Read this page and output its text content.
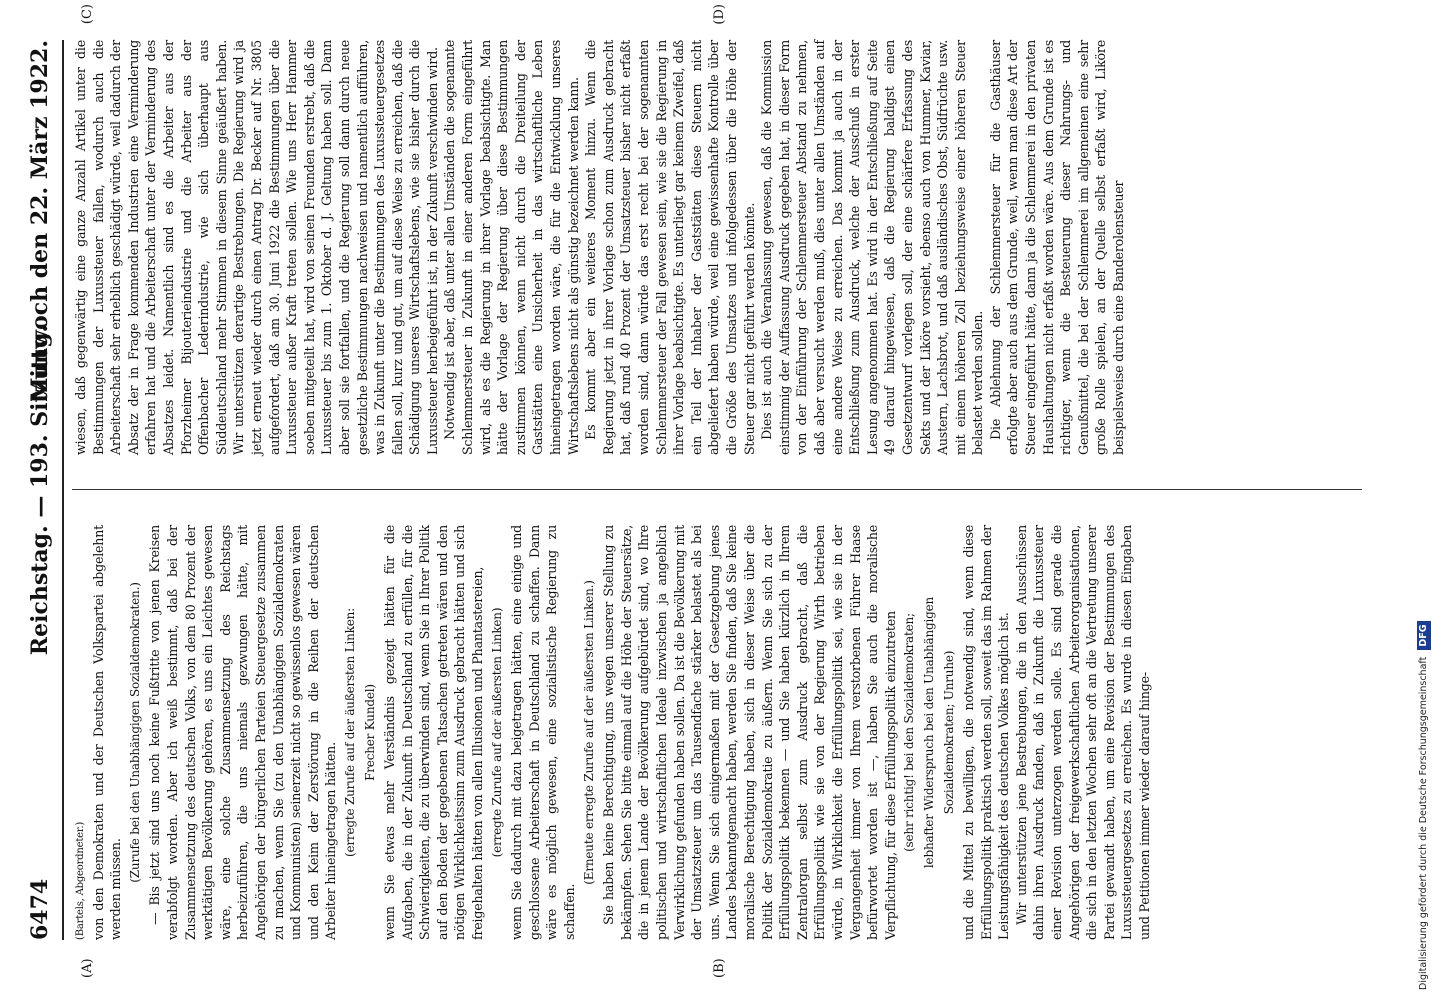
6474
Reichstag. — 193. Sitzung.
Mittwoch den 22. März 1922.
(A)	(B)
(C)	(D)

(Bartels, Abgeordneter.) von den Demokraten und der Deutschen Volkspartei abgelehnt werden müssen.

(Zurufe bei den Unabhängigen Sozialdemokraten.) — Bis jetzt sind uns noch keine Fußtritte von jenen Kreisen verabfolgt worden. Aber ich weiß bestimmt, daß bei der Zusammensetzung des deutschen Volks, von dem 80 Prozent der werktätigen Bevölkerung gehören, es uns ein Leichtes gewesen wäre, eine solche Zusammensetzung des Reichstags herbeizuführen, die uns niemals gezwungen hätte, mit Angehörigen der bürgerlichen Parteien Steuergesetze zusammen zu machen, wenn Sie (zu den Unabhängigen Sozialdemokraten und Kommunisten) seinerzeit nicht so gewissenlos gewesen wären und den Keim der Zerstörung in die Reihen der deutschen Arbeiter hineingetragen hätten. (erregte Zurufe auf der äußersten Linken: Frecher Kundel) wenn Sie etwas mehr Verständnis gezeigt hätten für die Aufgaben, die in der Zukunft in Deutschland zu erfüllen, für die Schwierigkeiten, die zu überwinden sind, wenn Sie in Ihrer Politik auf den Boden der gegebenen Tatsachen getreten wären und den nötigen Wirklichkeitssinn zum Ausdruck gebracht hätten und sich freigehalten hätten von allen Illusionen und Phantastereien, (erregte Zurufe auf der äußersten Linken) wenn Sie dadurch mit dazu beigetragen hätten, eine einige und geschlossene Arbeiterschaft in Deutschland zu schaffen. Dann wäre es möglich gewesen, eine sozialistische Regierung zu schaffen.

(Erneute erregte Zurufe auf der äußersten Linken.) Sie haben keine Berechtigung, uns wegen unserer Stellung zu bekämpfen. Sehen Sie bitte einmal auf die Höhe der Steuersätze, die in jenem Lande der Bevölkerung aufgebürdet sind, wo Ihre politischen und wirtschaftlichen Ideale inzwischen ja angeblich Verwirklichung gefunden haben sollen. Da ist die Bevölkerung mit der Umsatzsteuer um das Tausendfache stärker belastet als bei uns. Wenn Sie sich einigermaßen mit der Gesetzgebung jenes Landes bekanntgemacht haben, werden Sie finden, daß Sie keine moralische Berechtigung haben, sich in dieser Weise über die Politik der Sozialdemokratie zu äußern. Wenn Sie sich zu der Erfüllungspolitik bekennen — und Sie haben kürzlich in Ihrem Zentralorgan selbst zum Ausdruck gebracht, daß die Erfüllungspolitik wie sie von der Regierung Wirth betrieben würde, in Wirklichkeit die Erfüllungspolitik sei, wie sie in der Vergangenheit immer von Ihrem verstorbenen Führer Haase befürwortet worden ist —, haben Sie auch die moralische Verpflichtung, für diese Erfüllungspolitik einzutreten (sehr richtig! bei den Sozialdemokraten; lebhafter Widerspruch bei den Unabhängigen Sozialdemokraten; Unruhe) und die Mittel zu bewilligen, die notwendig sind, wenn diese Erfüllungspolitik praktisch werden soll, soweit das im Rahmen der Leistungsfähigkeit des deutschen Volkes möglich ist. Wir unterstützen jene Bestrebungen, die in den Ausschüssen dahin ihren Ausdruck fanden, daß in Zukunft die Luxussteuer einer Revision unterzogen werden solle. Es sind gerade die Angehörigen der freigewerkschaftlichen Arbeiterorganisationen, die sich in den letzten Wochen sehr oft an die Vertretung unserer Partei gewandt haben, um eine Revision der Bestimmungen des Luxussteuergesetzes zu erreichen. Es wurde in diesen Eingaben und Petitionen immer wieder darauf hinge-

wiesen, daß gegenwärtig eine ganze Anzahl Artikel unter die Bestimmungen der Luxussteuer fallen, wodurch auch die Arbeiterschaft sehr erheblich geschädigt würde, weil dadurch der Absatz der in Frage kommenden Industrien eine Verminderung erfahren hat und die Arbeiterschaft unter der Verminderung des Absatzes leidet. Namentlich sind es die Arbeiter aus der Pforzheimer Bijouterieindustrie und die Arbeiter aus der Offenbacher Lederindustrie, wie sich überhaupt aus Süddeutschland mehr Stimmen in diesem Sinne geäußert haben. Wir unterstützen derartige Bestrebungen. Die Regierung wird ja jetzt erneut wieder durch einen Antrag Dr. Becker auf Nr. 3805 aufgefordert, daß am 30. Juni 1922 die Bestimmungen über die Luxussteuer außer Kraft treten sollen. Wie uns Herr Hammer soeben mitgeteilt hat, wird von seinen Freunden erstrebt, daß die Luxussteuer bis zum 1. Oktober d. J. Geltung haben soll. Dann aber soll sie fortfallen, und die Regierung soll dann durch neue gesetzliche Bestimmungen nachweisen und namentlich aufführen, was in Zukunft unter die Bestimmungen des Luxussteuergesetzes fallen soll, kurz und gut, um auf diese Weise zu erreichen, daß die Schädigung unseres Wirtschaftslebens, wie sie bisher durch die Luxussteuer herbeigeführt ist, in der Zukunft verschwinden wird. Notwendig ist aber, daß unter allen Umständen die sogenannte Schlemmersteuer in Zukunft in einer anderen Form eingeführt wird, als es die Regierung in ihrer Vorlage beabsichtigte. Man hätte der Vorlage der Regierung über diese Bestimmungen zustimmen können, wenn nicht durch die Dreiteilung der Gaststätten eine Unsicherheit in das wirtschaftliche Leben hineingetragen worden wäre, die für die Entwicklung unseres Wirtschaftslebens nicht als günstig bezeichnet werden kann. Es kommt aber ein weiteres Moment hinzu. Wenn die Regierung jetzt in ihrer Vorlage schon zum Ausdruck gebracht hat, daß rund 40 Prozent der Umsatzsteuer bisher nicht erfaßt worden sind, dann würde das erst recht bei der sogenannten Schlemmersteuer der Fall gewesen sein, wie sie die Regierung in ihrer Vorlage beabsichtigte. Es unterliegt gar keinem Zweifel, daß ein Teil der Inhaber der Gaststätten diese Steuern nicht abgeliefert haben würde, weil eine gewissenhafte Kontrolle über die Größe des Umsatzes und infolgedessen über die Höhe der Steuer gar nicht geführt werden könnte. Dies ist auch die Veranlassung gewesen, daß die Kommission einstimmig der Auffassung Ausdruck gegeben hat, in dieser Form von der Einführung der Schlemmersteuer Abstand zu nehmen, daß aber versucht werden muß, dies unter allen Umständen auf eine andere Weise zu erreichen. Das kommt ja auch in der Entschließung zum Ausdruck, welche der Ausschuß in erster Lesung angenommen hat. Es wird in der Entschließung auf Seite 49 darauf hingewiesen, daß die Regierung baldigst einen Gesetzentwurf vorlegen soll, der eine schärfere Erfassung des Sekts und der Liköre vorsieht, ebenso auch von Hummer, Kaviar, Austern, Lachsbrot, und daß ausländisches Obst, Südfrüchte usw. mit einem höheren Zoll beziehungsweise einer höheren Steuer belastet werden sollen. Die Ablehnung der Schlemmersteuer für die Gasthäuser erfolgte aber auch aus dem Grunde, weil, wenn man diese Art der Steuer eingeführt hätte, dann ja die Schlemmerei in den privaten Haushaltungen nicht erfaßt worden wäre. Aus dem Grunde ist es richtiger, wenn die Besteuerung dieser Nahrungs- und Genußmittel, die bei der Schlemmerei im allgemeinen eine sehr große Rolle spielen, an der Quelle selbst erfaßt wird, Liköre beispielsweise durch eine Banderolensteuer

Digitalisierung gefördert durch die Deutsche Forschungsgemeinschaft DFG
